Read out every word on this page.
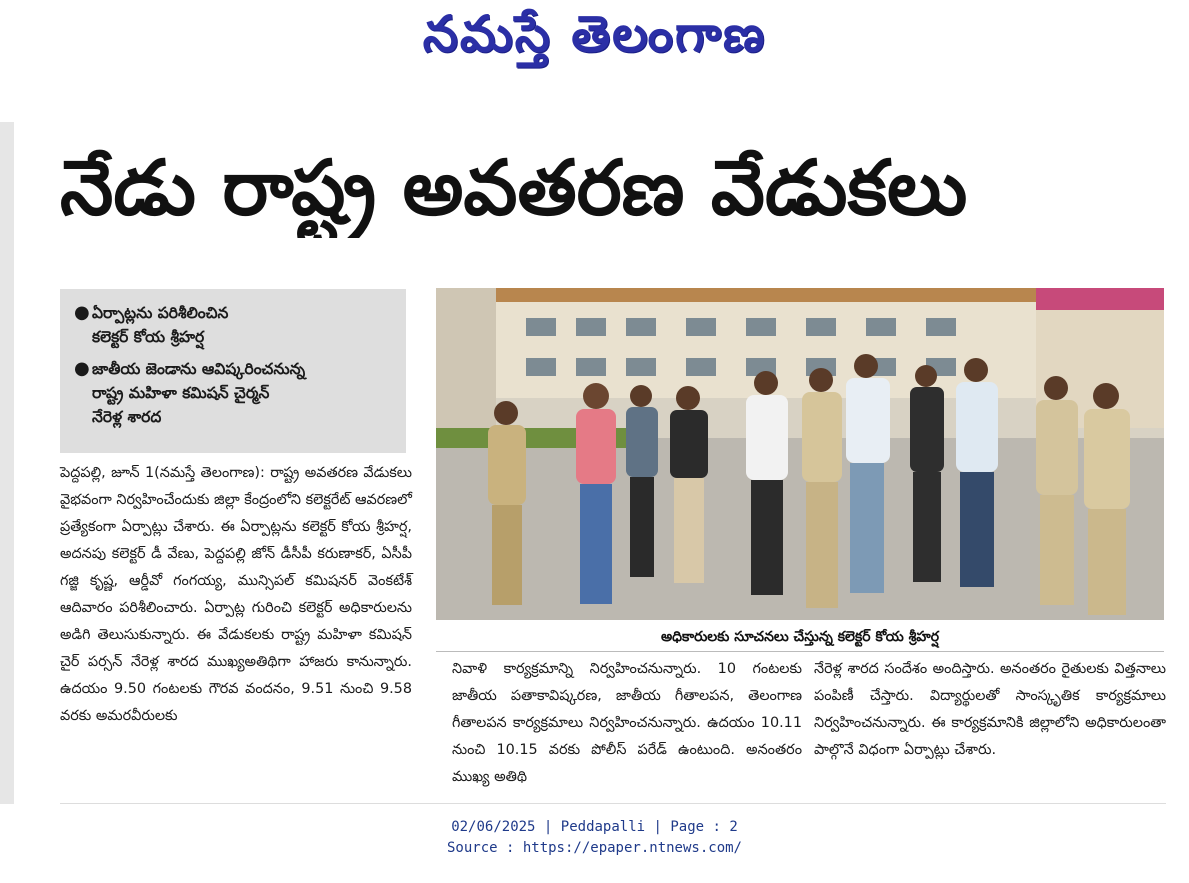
నమస్తే తెలంగాణ
నేడు రాష్ట్ర అవతరణ వేడుకలు
● ఏర్పాట్లను పరిశీలించిన
కలెక్టర్ కోయ శ్రీహర్ష
● జాతీయ జెండాను ఆవిష్కరించనున్న
రాష్ట్ర మహిళా కమిషన్ చైర్మన్
నేరెళ్ల శారద
అధికారులకు సూచనలు చేస్తున్న కలెక్టర్ కోయ శ్రీహర్ష

పెద్దపల్లి, జూన్ 1(నమస్తే తెలంగాణ): రాష్ట్ర అవతరణ వేడుకలు వైభవంగా నిర్వహించేందుకు జిల్లా కేంద్రంలోని కలెక్టరేట్ ఆవరణలో ప్రత్యేకంగా ఏర్పాట్లు చేశారు. ఈ ఏర్పాట్లను కలెక్టర్ కోయ శ్రీహర్ష, అదనపు కలెక్టర్ డీ వేణు, పెద్దపల్లి జోన్ డీసీపీ కరుణాకర్, ఏసీపీ గజ్జి కృష్ణ, ఆర్డీవో గంగయ్య, మున్సిపల్ కమిషనర్ వెంకటేశ్ ఆదివారం పరిశీలించారు. ఏర్పాట్ల గురించి కలెక్టర్ అధికారులను అడిగి తెలుసుకున్నారు. ఈ వేడుకలకు రాష్ట్ర మహిళా కమిషన్ చైర్ పర్సన్ నేరెళ్ల శారద ముఖ్యఅతిథిగా హాజరు కానున్నారు. ఉదయం 9.50 గంటలకు గౌరవ వందనం, 9.51 నుంచి 9.58 వరకు అమరవీరులకు

నివాళి కార్యక్రమాన్ని నిర్వహించనున్నారు. 10 గంటలకు జాతీయ పతాకావిష్కరణ, జాతీయ గీతాలపన, తెలంగాణ గీతాలపన కార్యక్రమాలు నిర్వహించనున్నారు. ఉదయం 10.11 నుంచి 10.15 వరకు పోలీస్ పరేడ్ ఉంటుంది. అనంతరం ముఖ్య అతిథి

నేరెళ్ల శారద సందేశం అందిస్తారు. అనంతరం రైతులకు విత్తనాలు పంపిణీ చేస్తారు. విద్యార్థులతో సాంస్కృతిక కార్యక్రమాలు నిర్వహించనున్నారు. ఈ కార్యక్రమానికి జిల్లాలోని అధికారులంతా పాల్గొనే విధంగా ఏర్పాట్లు చేశారు.

02/06/2025 | Peddapalli | Page : 2
Source : https://epaper.ntnews.com/
